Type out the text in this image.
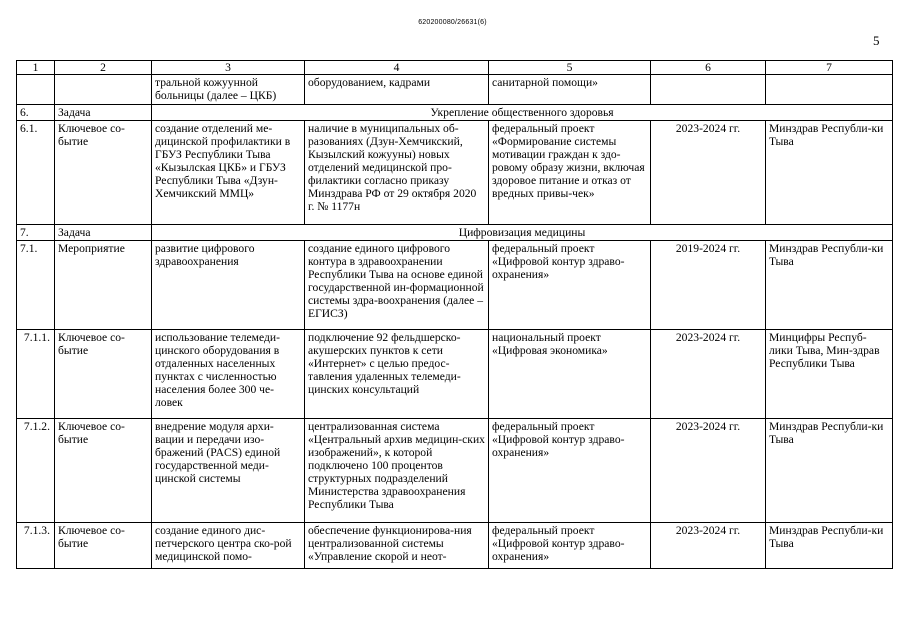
620200080/26631(6)
5
1	2	3	4	5	6	7
		тральной кожуунной больницы (далее – ЦКБ)	оборудованием, кадрами	санитарной помощи»		
6.	Задача	Укрепление общественного здоровья				
6.1.	Ключевое со-бытие	создание отделений ме-дицинской профилактики в ГБУЗ Республики Тыва «Кызылская ЦКБ» и ГБУЗ Республики Тыва «Дзун-Хемчикский ММЦ»	наличие в муниципальных об-разованиях (Дзун-Хемчикский, Кызылский кожууны) новых отделений медицинской про-филактики согласно приказу Минздрава РФ от 29 октября 2020 г. № 1177н	федеральный проект «Формирование системы мотивации граждан к здо-ровому образу жизни, включая здоровое питание и отказ от вредных привы-чек»	2023-2024 гг.	Минздрав Республи-ки Тыва
7.	Задача	Цифровизация медицины				
7.1.	Мероприятие	развитие цифрового здравоохранения	создание единого цифрового контура в здравоохранении Республики Тыва на основе единой государственной ин-формационной системы здра-воохранения (далее – ЕГИСЗ)	федеральный проект «Цифровой контур здраво-охранения»	2019-2024 гг.	Минздрав Республи-ки Тыва
7.1.1.	Ключевое со-бытие	использование телемеди-цинского оборудования в отдаленных населенных пунктах с численностью населения более 300 че-ловек	подключение 92 фельдшерско-акушерских пунктов к сети «Интернет» с целью предос-тавления удаленных телемеди-цинских консультаций	национальный проект «Цифровая экономика»	2023-2024 гг.	Минцифры Респуб-лики Тыва, Мин-здрав Республики Тыва
7.1.2.	Ключевое со-бытие	внедрение модуля архи-вации и передачи изо-бражений (PACS) единой государственной меди-цинской системы	централизованная система «Центральный архив медицин-ских изображений», к которой подключено 100 процентов структурных подразделений Министерства здравоохранения Республики Тыва	федеральный проект «Цифровой контур здраво-охранения»	2023-2024 гг.	Минздрав Республи-ки Тыва
7.1.3.	Ключевое со-бытие	создание единого дис-петчерского центра ско-рой медицинской помо-	обеспечение функционирова-ния централизованной системы «Управление скорой и неот-	федеральный проект «Цифровой контур здраво-охранения»	2023-2024 гг.	Минздрав Республи-ки Тыва
